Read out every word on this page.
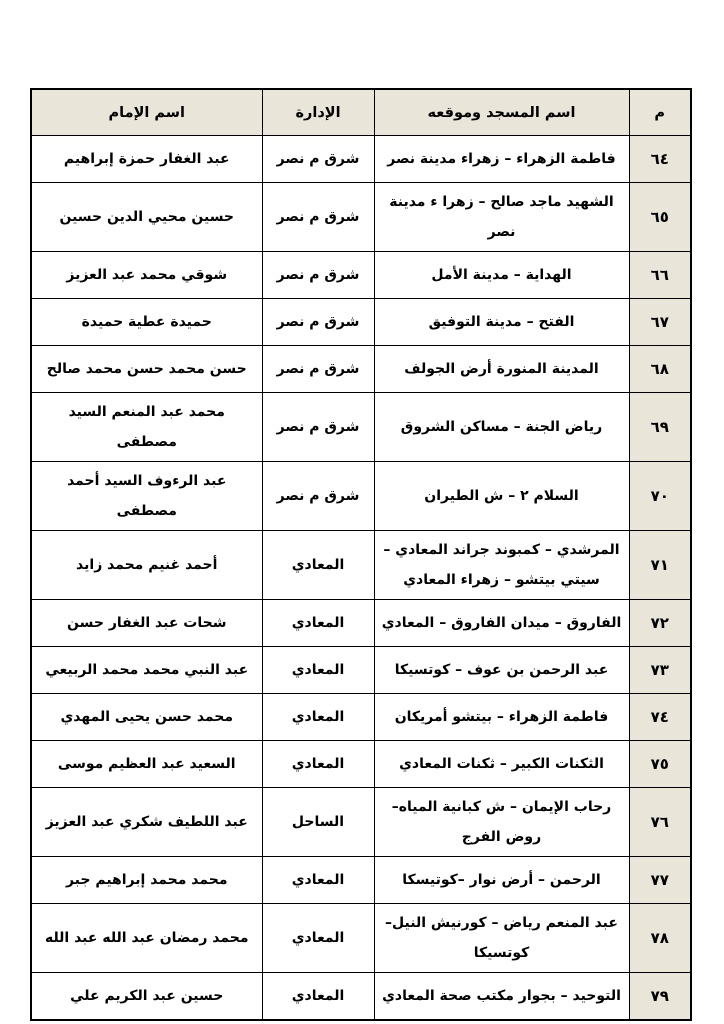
م	اسم المسجد وموقعه	الإدارة	اسم الإمام
٦٤	فاطمة الزهراء – زهراء مدينة نصر	شرق م نصر	عبد الغفار حمزة إبراهيم
٦٥	الشهيد ماجد صالح – زهرا ء مدينة نصر	شرق م نصر	حسين محيي الدين حسين
٦٦	الهداية – مدينة الأمل	شرق م نصر	شوقي محمد عبد العزيز
٦٧	الفتح – مدينة التوفيق	شرق م نصر	حميدة عطية حميدة
٦٨	المدينة المنورة أرض الجولف	شرق م نصر	حسن محمد حسن محمد صالح
٦٩	رياض الجنة – مساكن الشروق	شرق م نصر	محمد عبد المنعم السيد مصطفى
٧٠	السلام ٢ – ش الطيران	شرق م نصر	عبد الرءوف السيد أحمد مصطفى
٧١	المرشدي – كمبوند جراند المعادي – سيتي بيتشو – زهراء المعادي	المعادي	أحمد غنيم محمد زايد
٧٢	الفاروق – ميدان الفاروق – المعادي	المعادي	شحات عبد الغفار حسن
٧٣	عبد الرحمن بن عوف – كوتسيكا	المعادي	عبد النبي محمد محمد الربيعي
٧٤	فاطمة الزهراء – بيتشو أمريكان	المعادي	محمد حسن يحيى المهدي
٧٥	الثكنات الكبير – ثكنات المعادي	المعادي	السعيد عبد العظيم موسى
٧٦	رحاب الإيمان – ش كبانية المياه– روض الفرج	الساحل	عبد اللطيف شكري عبد العزيز
٧٧	الرحمن – أرض نوار –كوتيسكا	المعادي	محمد محمد إبراهيم جبر
٧٨	عبد المنعم رياض – كورنيش النيل– كوتسيكا	المعادي	محمد رمضان عبد الله عبد الله
٧٩	التوحيد – بجوار مكتب صحة المعادي	المعادي	حسين عبد الكريم علي
